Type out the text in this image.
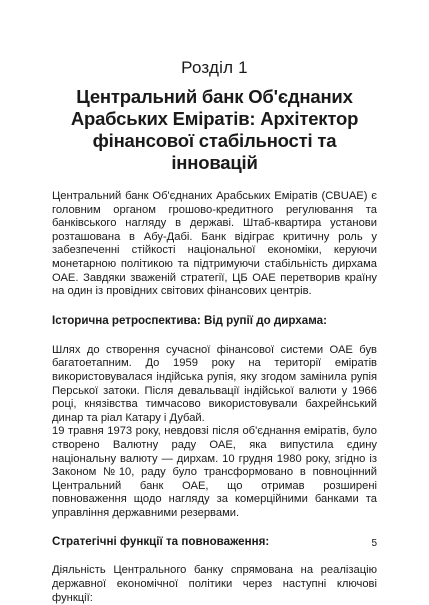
Розділ 1
Центральний банк Об'єднаних Арабських Еміратів: Архітектор фінансової стабільності та інновацій

Центральний банк Об'єднаних Арабських Еміратів (CBUAE) є головним органом грошово-кредитного регулювання та банківського нагляду в державі. Штаб-квартира установи розташована в Абу-Дабі. Банк відіграє критичну роль у забезпеченні стійкості національної економіки, керуючи монетарною політикою та підтримуючи стабільність дирхама ОАЕ. Завдяки зваженій стратегії, ЦБ ОАЕ перетворив країну на один із провідних світових фінансових центрів.

Історична ретроспектива: Від рупії до дирхама:

Шлях до створення сучасної фінансової системи ОАЕ був багатоетапним. До 1959 року на території еміратів використовувалася індійська рупія, яку згодом замінила рупія Перської затоки. Після девальвації індійської валюти у 1966 році, князівства тимчасово використовували бахрейнський динар та ріал Катару і Дубай.

19 травня 1973 року, невдовзі після об'єднання еміратів, було створено Валютну раду ОАЕ, яка випустила єдину національну валюту — дирхам. 10 грудня 1980 року, згідно із Законом №10, раду було трансформовано в повноцінний Центральний банк ОАЕ, що отримав розширені повноваження щодо нагляду за комерційними банками та управління державними резервами.

Стратегічні функції та повноваження:

Діяльність Центрального банку спрямована на реалізацію державної економічної політики через наступні ключові функції:

5
